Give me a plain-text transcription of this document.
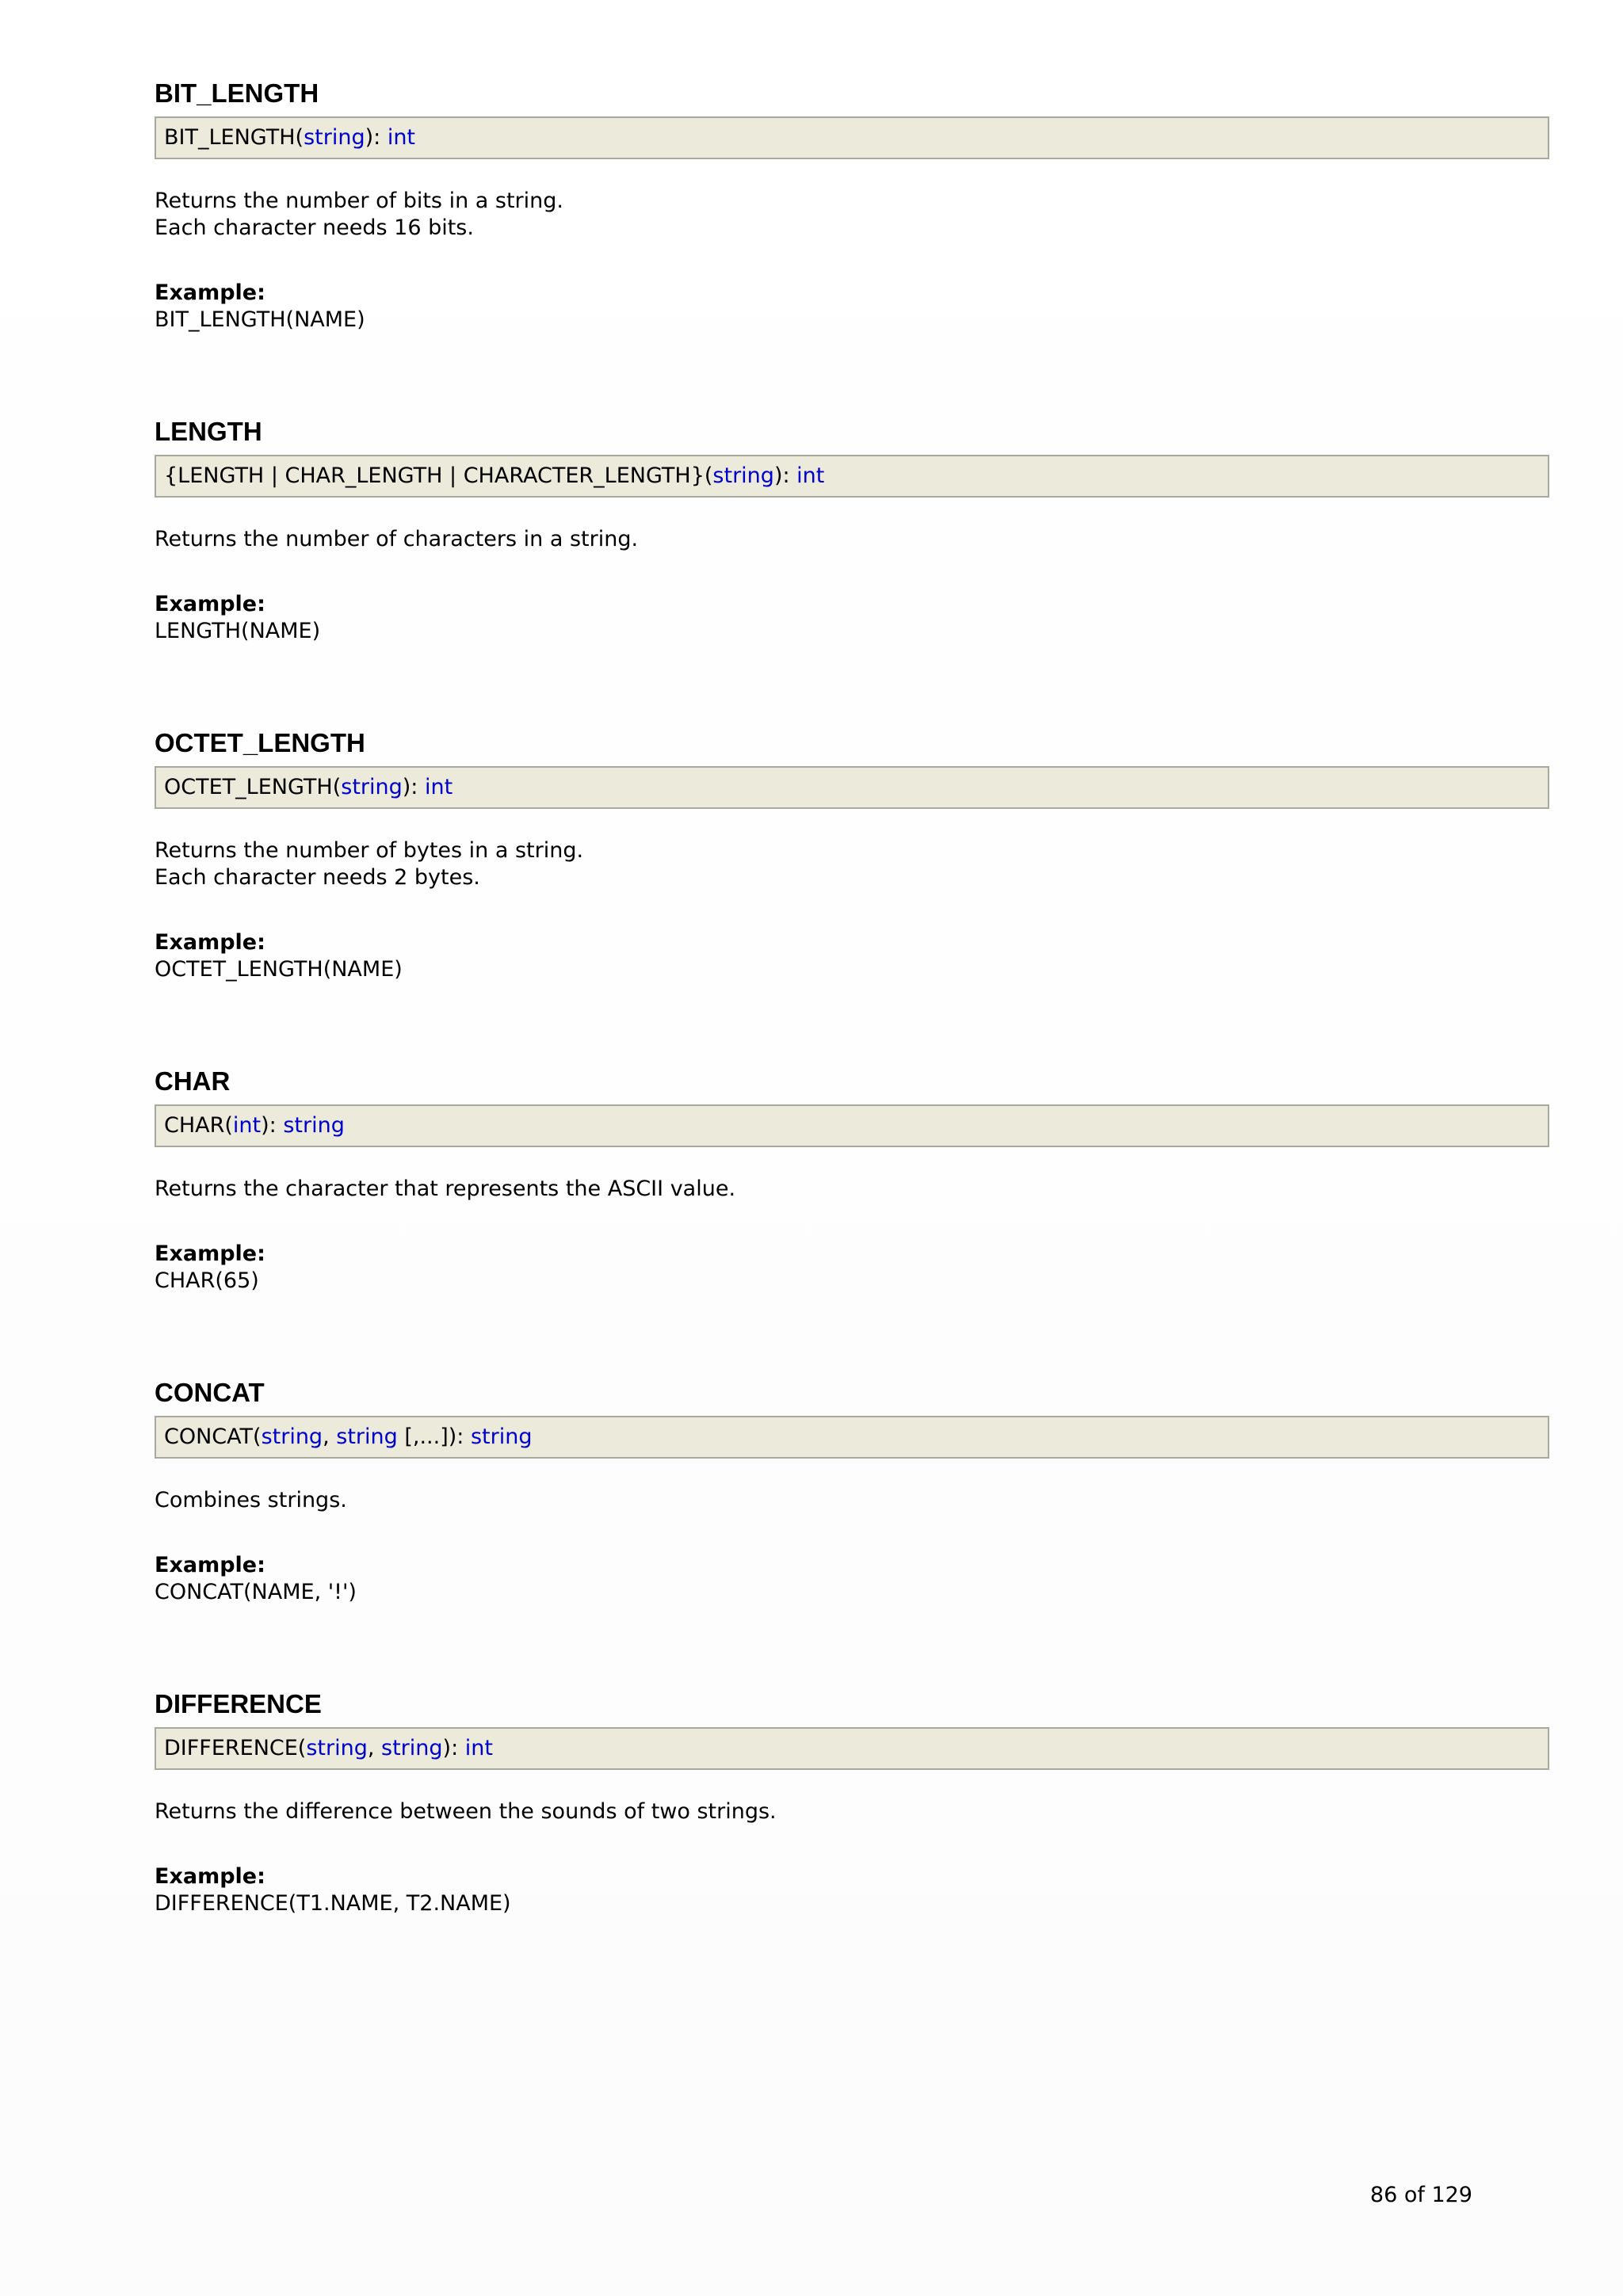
BIT_LENGTH
BIT_LENGTH(string): int
Returns the number of bits in a string.
Each character needs 16 bits.
Example:
BIT_LENGTH(NAME)
LENGTH
{LENGTH | CHAR_LENGTH | CHARACTER_LENGTH}(string): int
Returns the number of characters in a string.
Example:
LENGTH(NAME)
OCTET_LENGTH
OCTET_LENGTH(string): int
Returns the number of bytes in a string.
Each character needs 2 bytes.
Example:
OCTET_LENGTH(NAME)
CHAR
CHAR(int): string
Returns the character that represents the ASCII value.
Example:
CHAR(65)
CONCAT
CONCAT(string, string [,...]): string
Combines strings.
Example:
CONCAT(NAME, '!')
DIFFERENCE
DIFFERENCE(string, string): int
Returns the difference between the sounds of two strings.
Example:
DIFFERENCE(T1.NAME, T2.NAME)
86 of 129
